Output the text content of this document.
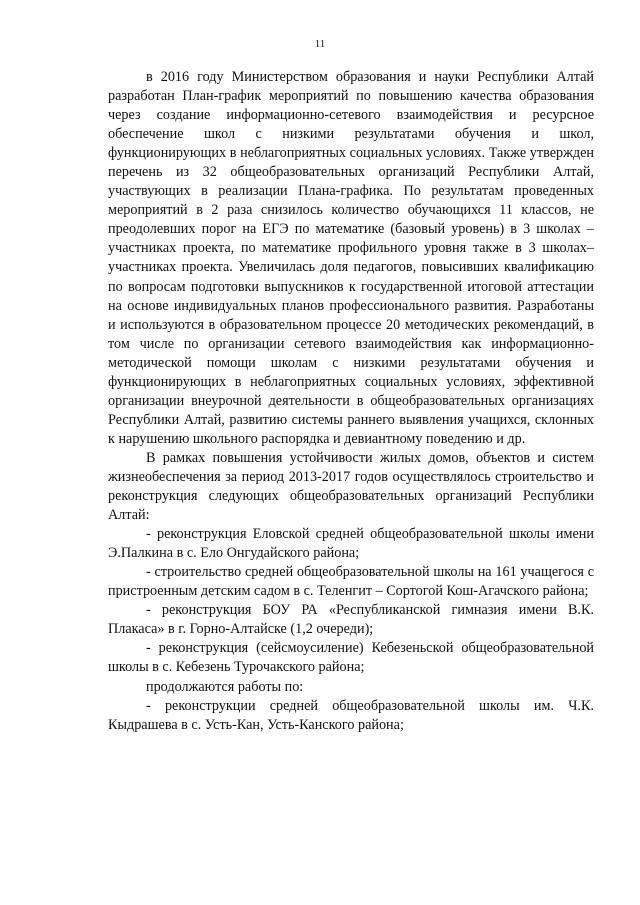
11

в 2016 году Министерством образования и науки Республики Алтай разработан План-график мероприятий по повышению качества образования через создание информационно-сетевого взаимодействия и ресурсное обеспечение школ с низкими результатами обучения и школ, функционирующих в неблагоприятных социальных условиях. Также утвержден перечень из 32 общеобразовательных организаций Республики Алтай, участвующих в реализации Плана-графика. По результатам проведенных мероприятий в 2 раза снизилось количество обучающихся 11 классов, не преодолевших порог на ЕГЭ по математике (базовый уровень) в 3 школах – участниках проекта, по математике профильного уровня также в 3 школах– участниках проекта. Увеличилась доля педагогов, повысивших квалификацию по вопросам подготовки выпускников к государственной итоговой аттестации на основе индивидуальных планов профессионального развития. Разработаны и используются в образовательном процессе 20 методических рекомендаций, в том числе по организации сетевого взаимодействия как информационно-методической помощи школам с низкими результатами обучения и функционирующих в неблагоприятных социальных условиях, эффективной организации внеурочной деятельности в общеобразовательных организациях Республики Алтай, развитию системы раннего выявления учащихся, склонных к нарушению школьного распорядка и девиантному поведению и др.

В рамках повышения устойчивости жилых домов, объектов и систем жизнеобеспечения за период 2013-2017 годов осуществлялось строительство и реконструкция следующих общеобразовательных организаций Республики Алтай:

- реконструкция Еловской средней общеобразовательной школы имени Э.Палкина в с. Ело Онгудайского района;

- строительство средней общеобразовательной школы на 161 учащегося с пристроенным детским садом в с. Теленгит – Сортогой Кош-Агачского района;

- реконструкция БОУ РА «Республиканской гимназия имени В.К. Плакаса» в г. Горно-Алтайске (1,2 очереди);

- реконструкция (сейсмоусиление) Кебезеньской общеобразовательной школы в с. Кебезень Турочакского района;

продолжаются работы по:

- реконструкции средней общеобразовательной школы им. Ч.К. Кыдрашева в с. Усть-Кан, Усть-Канского района;
